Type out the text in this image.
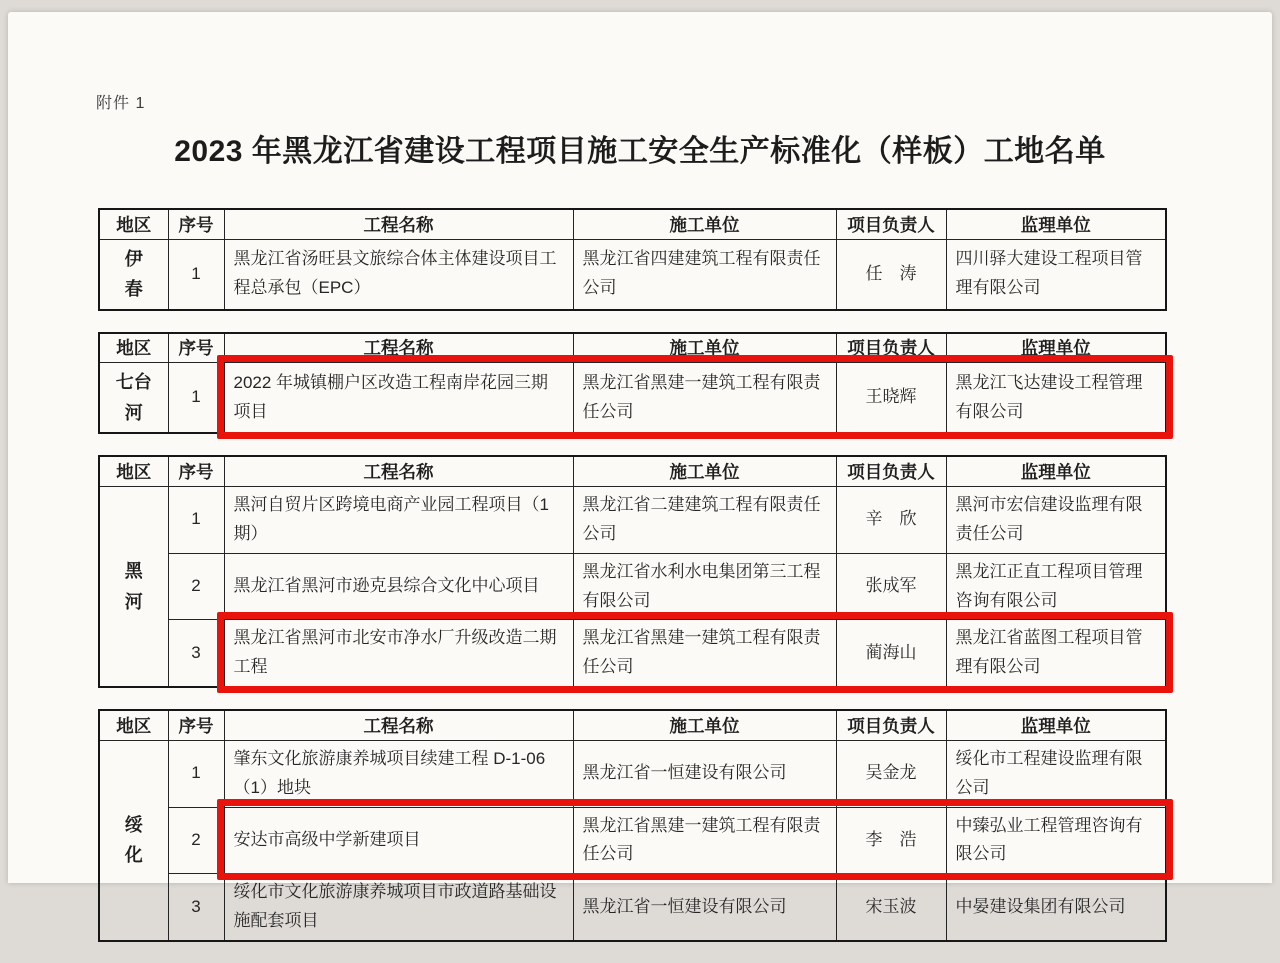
附件 1
2023 年黑龙江省建设工程项目施工安全生产标准化（样板）工地名单
地区	序号	工程名称	施工单位	项目负责人	监理单位
伊　春	1	黑龙江省汤旺县文旅综合体主体建设项目工程总承包（EPC）	黑龙江省四建建筑工程有限责任公司	任　涛	四川驿大建设工程项目管理有限公司
地区	序号	工程名称	施工单位	项目负责人	监理单位
七台河	1	2022 年城镇棚户区改造工程南岸花园三期项目	黑龙江省黑建一建筑工程有限责任公司	王晓辉	黑龙江飞达建设工程管理有限公司
地区	序号	工程名称	施工单位	项目负责人	监理单位
黑　河	1	黑河自贸片区跨境电商产业园工程项目（1期）	黑龙江省二建建筑工程有限责任公司	辛　欣	黑河市宏信建设监理有限责任公司
	2	黑龙江省黑河市逊克县综合文化中心项目	黑龙江省水利水电集团第三工程有限公司	张成军	黑龙江正直工程项目管理咨询有限公司
	3	黑龙江省黑河市北安市净水厂升级改造二期工程	黑龙江省黑建一建筑工程有限责任公司	蔺海山	黑龙江省蓝图工程项目管理有限公司
地区	序号	工程名称	施工单位	项目负责人	监理单位
绥　化	1	肇东文化旅游康养城项目续建工程 D-1-06（1）地块	黑龙江省一恒建设有限公司	吴金龙	绥化市工程建设监理有限公司
	2	安达市高级中学新建项目	黑龙江省黑建一建筑工程有限责任公司	李　浩	中臻弘业工程管理咨询有限公司
	3	绥化市文化旅游康养城项目市政道路基础设施配套项目	黑龙江省一恒建设有限公司	宋玉波	中晏建设集团有限公司
